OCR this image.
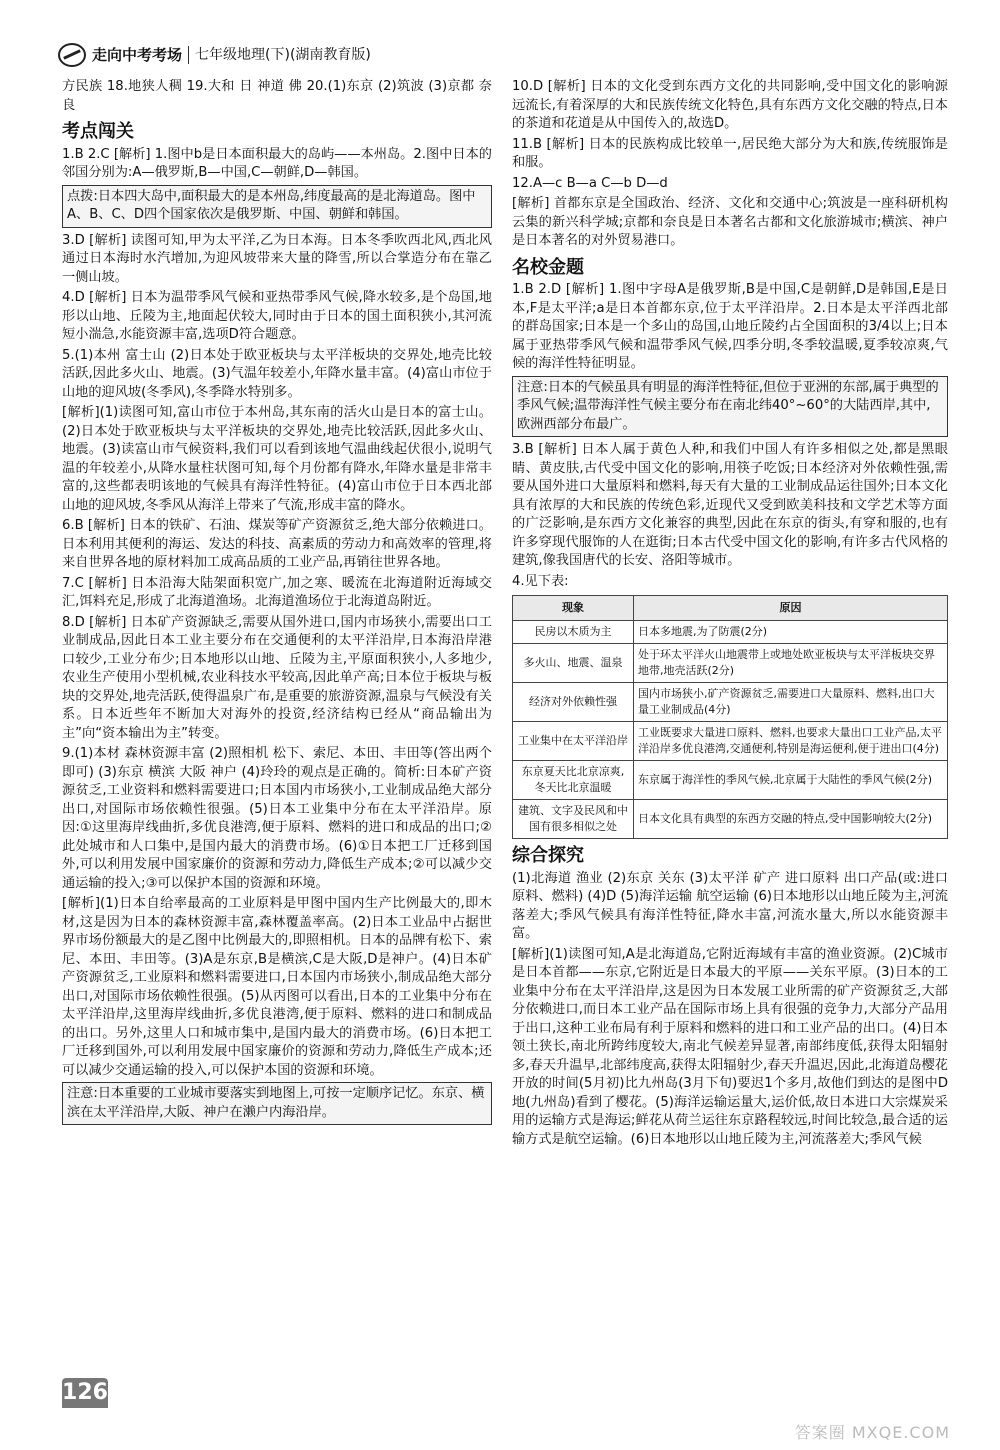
走向中考考场 七年级地理(下)(湖南教育版)

方民族 18.地狭人稠 19.大和 日 神道 佛 20.(1)东京 (2)筑波 (3)京都 奈良

考点闯关

1.B 2.C [解析] 1.图中b是日本面积最大的岛屿——本州岛。2.图中日本的邻国分别为:A—俄罗斯,B—中国,C—朝鲜,D—韩国。

点拨:日本四大岛中,面积最大的是本州岛,纬度最高的是北海道岛。图中A、B、C、D四个国家依次是俄罗斯、中国、朝鲜和韩国。

3.D [解析] 读图可知,甲为太平洋,乙为日本海。日本冬季吹西北风,西北风通过日本海时水汽增加,为迎风坡带来大量的降雪,所以合掌造分布在靠乙一侧山坡。

4.D [解析] 日本为温带季风气候和亚热带季风气候,降水较多,是个岛国,地形以山地、丘陵为主,地面起伏较大,同时由于日本的国土面积狭小,其河流短小湍急,水能资源丰富,选项D符合题意。

5.(1)本州 富士山 (2)日本处于欧亚板块与太平洋板块的交界处,地壳比较活跃,因此多火山、地震。(3)气温年较差小,年降水量丰富。(4)富山市位于山地的迎风坡(冬季风),冬季降水特别多。

[解析](1)读图可知,富山市位于本州岛,其东南的活火山是日本的富士山。(2)日本处于欧亚板块与太平洋板块的交界处,地壳比较活跃,因此多火山、地震。(3)读富山市气候资料,我们可以看到该地气温曲线起伏很小,说明气温的年较差小,从降水量柱状图可知,每个月份都有降水,年降水量是非常丰富的,这些都表明该地的气候具有海洋性特征。(4)富山市位于日本西北部山地的迎风坡,冬季风从海洋上带来了气流,形成丰富的降水。

6.B [解析] 日本的铁矿、石油、煤炭等矿产资源贫乏,绝大部分依赖进口。日本利用其便利的海运、发达的科技、高素质的劳动力和高效率的管理,将来自世界各地的原材料加工成高品质的工业产品,再销往世界各地。

7.C [解析] 日本沿海大陆架面积宽广,加之寒、暖流在北海道附近海域交汇,饵料充足,形成了北海道渔场。北海道渔场位于北海道岛附近。

8.D [解析] 日本矿产资源缺乏,需要从国外进口,国内市场狭小,需要出口工业制成品,因此日本工业主要分布在交通便利的太平洋沿岸,日本海沿岸港口较少,工业分布少;日本地形以山地、丘陵为主,平原面积狭小,人多地少,农业生产使用小型机械,农业科技水平较高,因此单产高;日本位于板块与板块的交界处,地壳活跃,使得温泉广布,是重要的旅游资源,温泉与气候没有关系。日本近些年不断加大对海外的投资,经济结构已经从“商品输出为主”向“资本输出为主”转变。

9.(1)本材 森林资源丰富 (2)照相机 松下、索尼、本田、丰田等(答出两个即可) (3)东京 横滨 大阪 神户 (4)玲玲的观点是正确的。简析:日本矿产资源贫乏,工业资料和燃料需要进口;日本国内市场狭小,工业制成品绝大部分出口,对国际市场依赖性很强。(5)日本工业集中分布在太平洋沿岸。原因:①这里海岸线曲折,多优良港湾,便于原料、燃料的进口和成品的出口;②此处城市和人口集中,是国内最大的消费市场。(6)①日本把工厂迁移到国外,可以利用发展中国家廉价的资源和劳动力,降低生产成本;②可以减少交通运输的投入;③可以保护本国的资源和环境。

[解析](1)日本自给率最高的工业原料是甲图中国内生产比例最大的,即木材,这是因为日本的森林资源丰富,森林覆盖率高。(2)日本工业品中占据世界市场份额最大的是乙图中比例最大的,即照相机。日本的品牌有松下、索尼、本田、丰田等。(3)A是东京,B是横滨,C是大阪,D是神户。(4)日本矿产资源贫乏,工业原料和燃料需要进口,日本国内市场狭小,制成品绝大部分出口,对国际市场依赖性很强。(5)从丙图可以看出,日本的工业集中分布在太平洋沿岸,这里海岸线曲折,多优良港湾,便于原料、燃料的进口和制成品的出口。另外,这里人口和城市集中,是国内最大的消费市场。(6)日本把工厂迁移到国外,可以利用发展中国家廉价的资源和劳动力,降低生产成本;还可以减少交通运输的投入,可以保护本国的资源和环境。

注意:日本重要的工业城市要落实到地图上,可按一定顺序记忆。东京、横滨在太平洋沿岸,大阪、神户在濑户内海沿岸。

10.D [解析] 日本的文化受到东西方文化的共同影响,受中国文化的影响源远流长,有着深厚的大和民族传统文化特色,具有东西方文化交融的特点,日本的茶道和花道是从中国传入的,故选D。

11.B [解析] 日本的民族构成比较单一,居民绝大部分为大和族,传统服饰是和服。

12.A—c B—a C—b D—d

[解析] 首都东京是全国政治、经济、文化和交通中心;筑波是一座科研机构云集的新兴科学城;京都和奈良是日本著名古都和文化旅游城市;横滨、神户是日本著名的对外贸易港口。

名校金题

1.B 2.D [解析] 1.图中字母A是俄罗斯,B是中国,C是朝鲜,D是韩国,E是日本,F是太平洋;a是日本首都东京,位于太平洋沿岸。2.日本是太平洋西北部的群岛国家;日本是一个多山的岛国,山地丘陵约占全国面积的3/4以上;日本属于亚热带季风气候和温带季风气候,四季分明,冬季较温暖,夏季较凉爽,气候的海洋性特征明显。

注意:日本的气候虽具有明显的海洋性特征,但位于亚洲的东部,属于典型的季风气候;温带海洋性气候主要分布在南北纬40°~60°的大陆西岸,其中,欧洲西部分布最广。

3.B [解析] 日本人属于黄色人种,和我们中国人有许多相似之处,都是黑眼睛、黄皮肤,古代受中国文化的影响,用筷子吃饭;日本经济对外依赖性强,需要从国外进口大量原料和燃料,每天有大量的工业制成品运往国外;日本文化具有浓厚的大和民族的传统色彩,近现代又受到欧美科技和文学艺术等方面的广泛影响,是东西方文化兼容的典型,因此在东京的街头,有穿和服的,也有许多穿现代服饰的人在逛街;日本古代受中国文化的影响,有许多古代风格的建筑,像我国唐代的长安、洛阳等城市。

4.见下表:

现象	原因
民房以木质为主	日本多地震,为了防震(2分)
多火山、地震、温泉	处于环太平洋火山地震带上或地处欧亚板块与太平洋板块交界地带,地壳活跃(2分)
经济对外依赖性强	国内市场狭小,矿产资源贫乏,需要进口大量原料、燃料,出口大量工业制成品(4分)
工业集中在太平洋沿岸	工业既要求大量进口原料、燃料,也要求大量出口工业产品,太平洋沿岸多优良港湾,交通便利,特别是海运便利,便于进出口(4分)
东京夏天比北京凉爽,冬天比北京温暖	东京属于海洋性的季风气候,北京属于大陆性的季风气候(2分)
建筑、文字及民风和中国有很多相似之处	日本文化具有典型的东西方交融的特点,受中国影响较大(2分)
综合探究

(1)北海道 渔业 (2)东京 关东 (3)太平洋 矿产 进口原料 出口产品(或:进口原料、燃料) (4)D (5)海洋运输 航空运输 (6)日本地形以山地丘陵为主,河流落差大;季风气候具有海洋性特征,降水丰富,河流水量大,所以水能资源丰富。

[解析](1)读图可知,A是北海道岛,它附近海域有丰富的渔业资源。(2)C城市是日本首都——东京,它附近是日本最大的平原——关东平原。(3)日本的工业集中分布在太平洋沿岸,这是因为日本发展工业所需的矿产资源贫乏,大部分依赖进口,而日本工业产品在国际市场上具有很强的竞争力,大部分产品用于出口,这种工业布局有利于原料和燃料的进口和工业产品的出口。(4)日本领土狭长,南北所跨纬度较大,南北气候差异显著,南部纬度低,获得太阳辐射多,春天升温早,北部纬度高,获得太阳辐射少,春天升温迟,因此,北海道岛樱花开放的时间(5月初)比九州岛(3月下旬)要迟1个多月,故他们到达的是图中D地(九州岛)看到了樱花。(5)海洋运输运量大,运价低,故日本进口大宗煤炭采用的运输方式是海运;鲜花从荷兰运往东京路程较远,时间比较急,最合适的运输方式是航空运输。(6)日本地形以山地丘陵为主,河流落差大;季风气候

126
答案圈 MXQE.COM
